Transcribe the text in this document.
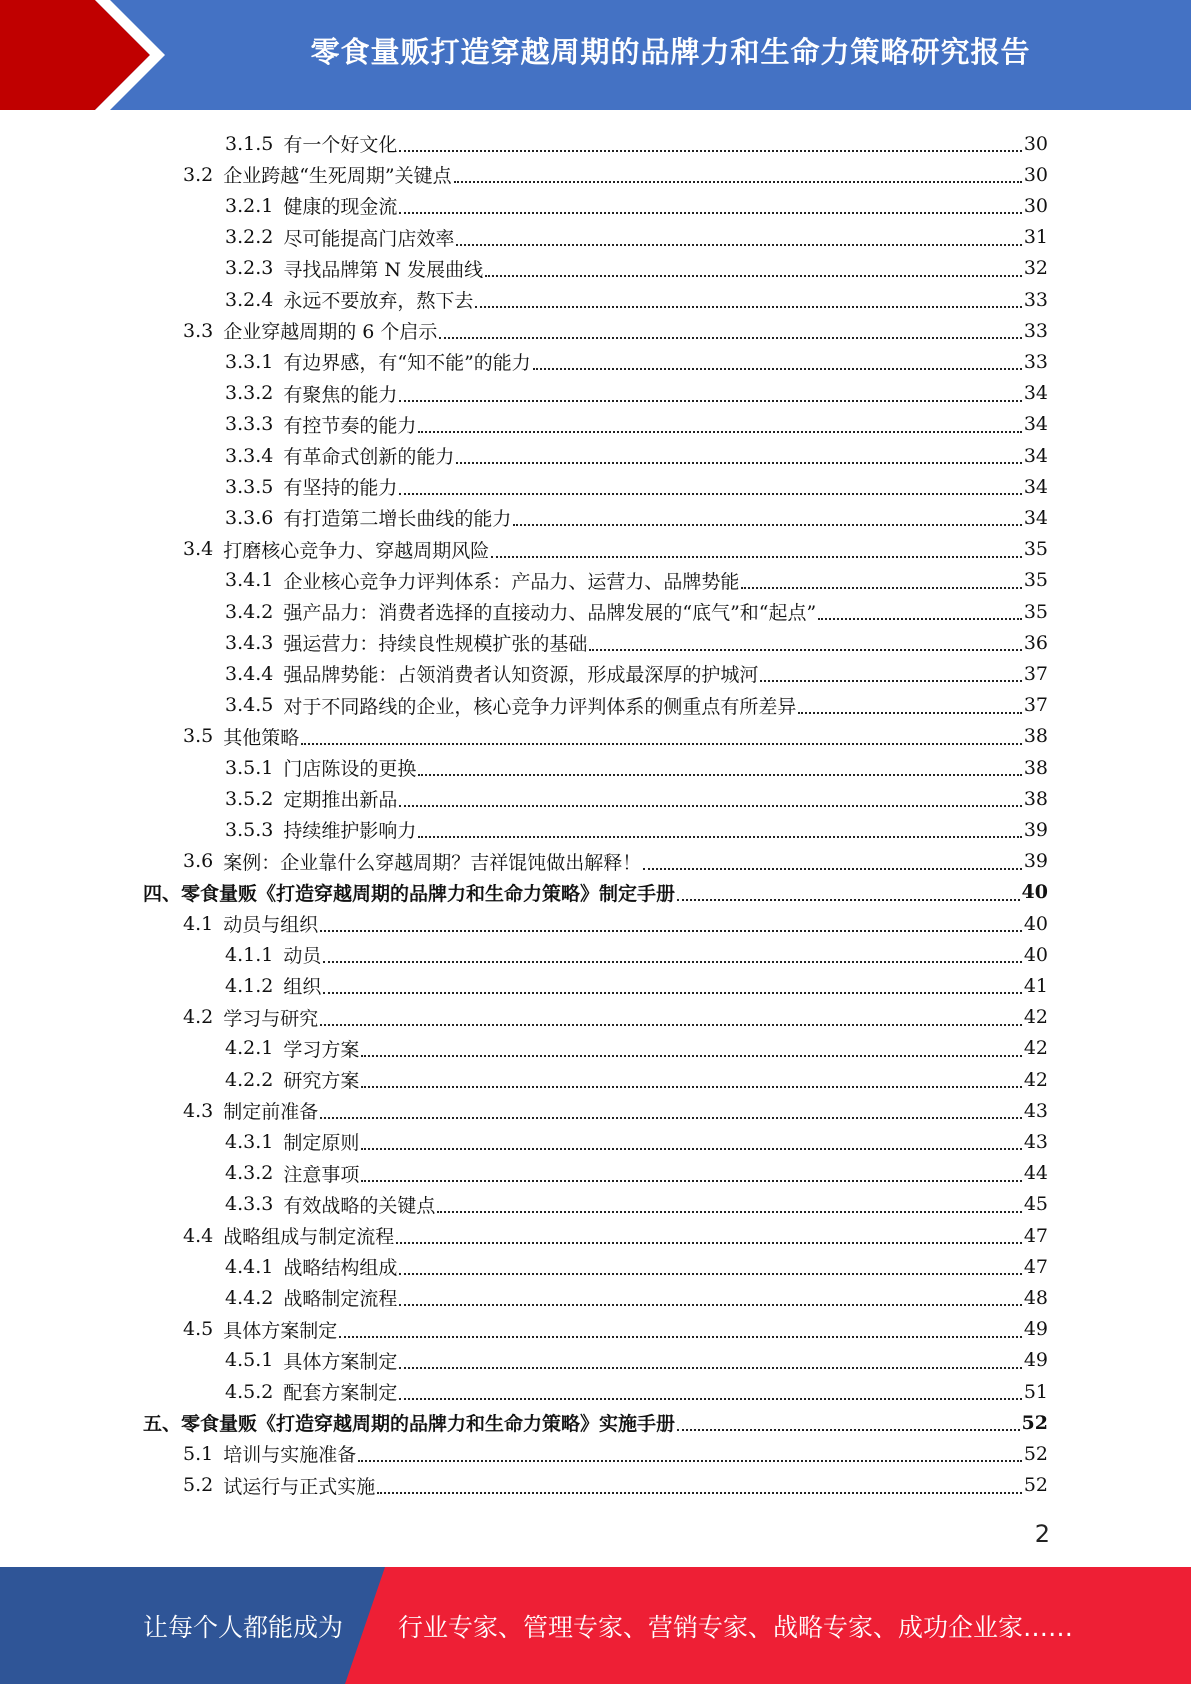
零食量贩打造穿越周期的品牌力和生命力策略研究报告
3.1.5 有一个好文化	30
3.2 企业跨越“生死周期”关键点	30
3.2.1 健康的现金流	30
3.2.2 尽可能提高门店效率	31
3.2.3 寻找品牌第 N 发展曲线	32
3.2.4 永远不要放弃，熬下去	33
3.3 企业穿越周期的 6 个启示	33
3.3.1 有边界感，有“知不能”的能力	33
3.3.2 有聚焦的能力	34
3.3.3 有控节奏的能力	34
3.3.4 有革命式创新的能力	34
3.3.5 有坚持的能力	34
3.3.6 有打造第二增长曲线的能力	34
3.4 打磨核心竞争力、穿越周期风险	35
3.4.1 企业核心竞争力评判体系：产品力、运营力、品牌势能	35
3.4.2 强产品力：消费者选择的直接动力、品牌发展的“底气”和“起点”	35
3.4.3 强运营力：持续良性规模扩张的基础	36
3.4.4 强品牌势能：占领消费者认知资源，形成最深厚的护城河	37
3.4.5 对于不同路线的企业，核心竞争力评判体系的侧重点有所差异	37
3.5 其他策略	38
3.5.1 门店陈设的更换	38
3.5.2 定期推出新品	38
3.5.3 持续维护影响力	39
3.6 案例：企业靠什么穿越周期？吉祥馄饨做出解释！	39
四、零食量贩《打造穿越周期的品牌力和生命力策略》制定手册	40
4.1 动员与组织	40
4.1.1 动员	40
4.1.2 组织	41
4.2 学习与研究	42
4.2.1 学习方案	42
4.2.2 研究方案	42
4.3 制定前准备	43
4.3.1 制定原则	43
4.3.2 注意事项	44
4.3.3 有效战略的关键点	45
4.4 战略组成与制定流程	47
4.4.1 战略结构组成	47
4.4.2 战略制定流程	48
4.5 具体方案制定	49
4.5.1 具体方案制定	49
4.5.2 配套方案制定	51
五、零食量贩《打造穿越周期的品牌力和生命力策略》实施手册	52
5.1 培训与实施准备	52
5.2 试运行与正式实施	52
2
让每个人都能成为 行业专家、管理专家、营销专家、战略专家、成功企业家……
